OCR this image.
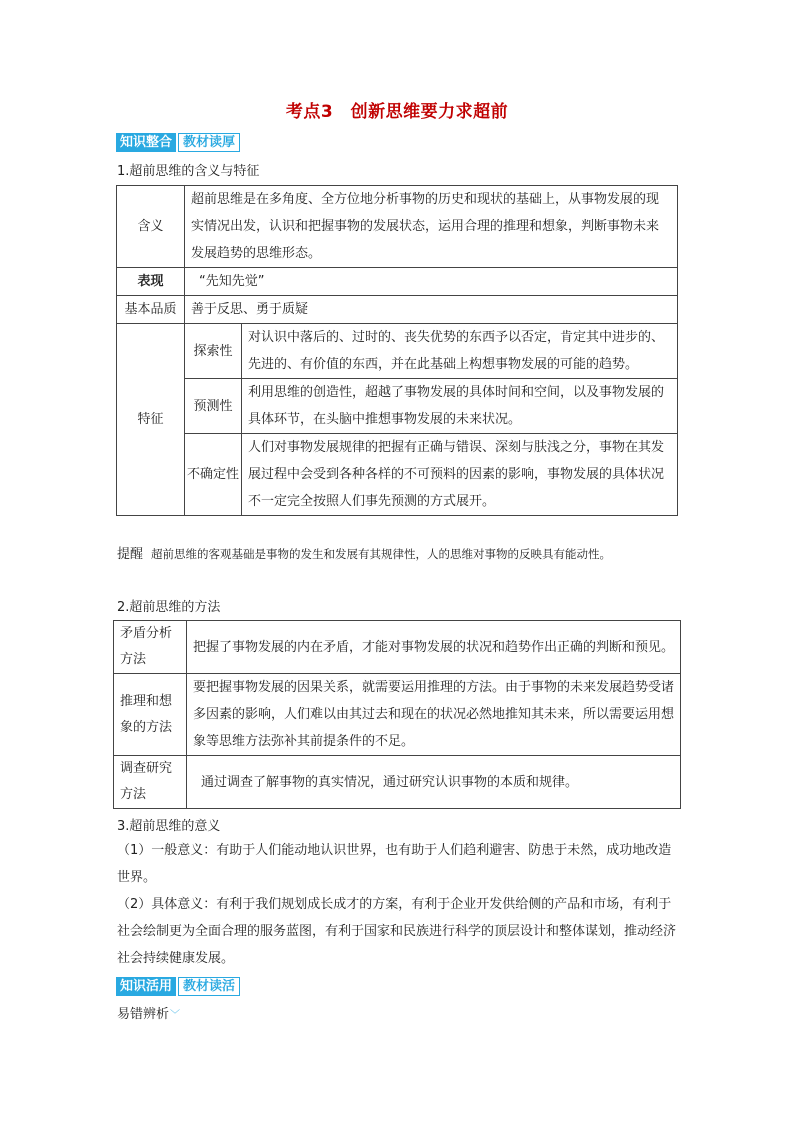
考点3　创新思维要力求超前
知识整合 教材读厚
1.超前思维的含义与特征
含义	超前思维是在多角度、全方位地分析事物的历史和现状的基础上，从事物发展的现实情况出发，认识和把握事物的发展状态，运用合理的推理和想象，判断事物未来发展趋势的思维形态。	
表现	“先知先觉”	
基本品质	善于反思、勇于质疑	
特征	探索性	对认识中落后的、过时的、丧失优势的东西予以否定，肯定其中进步的、先进的、有价值的东西，并在此基础上构想事物发展的可能的趋势。
	预测性	利用思维的创造性，超越了事物发展的具体时间和空间，以及事物发展的具体环节，在头脑中推想事物发展的未来状况。
	不确定性	人们对事物发展规律的把握有正确与错误、深刻与肤浅之分，事物在其发展过程中会受到各种各样的不可预料的因素的影响，事物发展的具体状况不一定完全按照人们事先预测的方式展开。
提醒 超前思维的客观基础是事物的发生和发展有其规律性，人的思维对事物的反映具有能动性。
2.超前思维的方法
矛盾分析方法	把握了事物发展的内在矛盾，才能对事物发展的状况和趋势作出正确的判断和预见。
推理和想象的方法	要把握事物发展的因果关系，就需要运用推理的方法。由于事物的未来发展趋势受诸多因素的影响，人们难以由其过去和现在的状况必然地推知其未来，所以需要运用想象等思维方法弥补其前提条件的不足。
调查研究方法	通过调查了解事物的真实情况，通过研究认识事物的本质和规律。
3.超前思维的意义
（1）一般意义：有助于人们能动地认识世界，也有助于人们趋利避害、防患于未然，成功地改造世界。
（2）具体意义：有利于我们规划成长成才的方案，有利于企业开发供给侧的产品和市场，有利于社会绘制更为全面合理的服务蓝图，有利于国家和民族进行科学的顶层设计和整体谋划，推动经济社会持续健康发展。
知识活用 教材读活
易错辨析﹀
